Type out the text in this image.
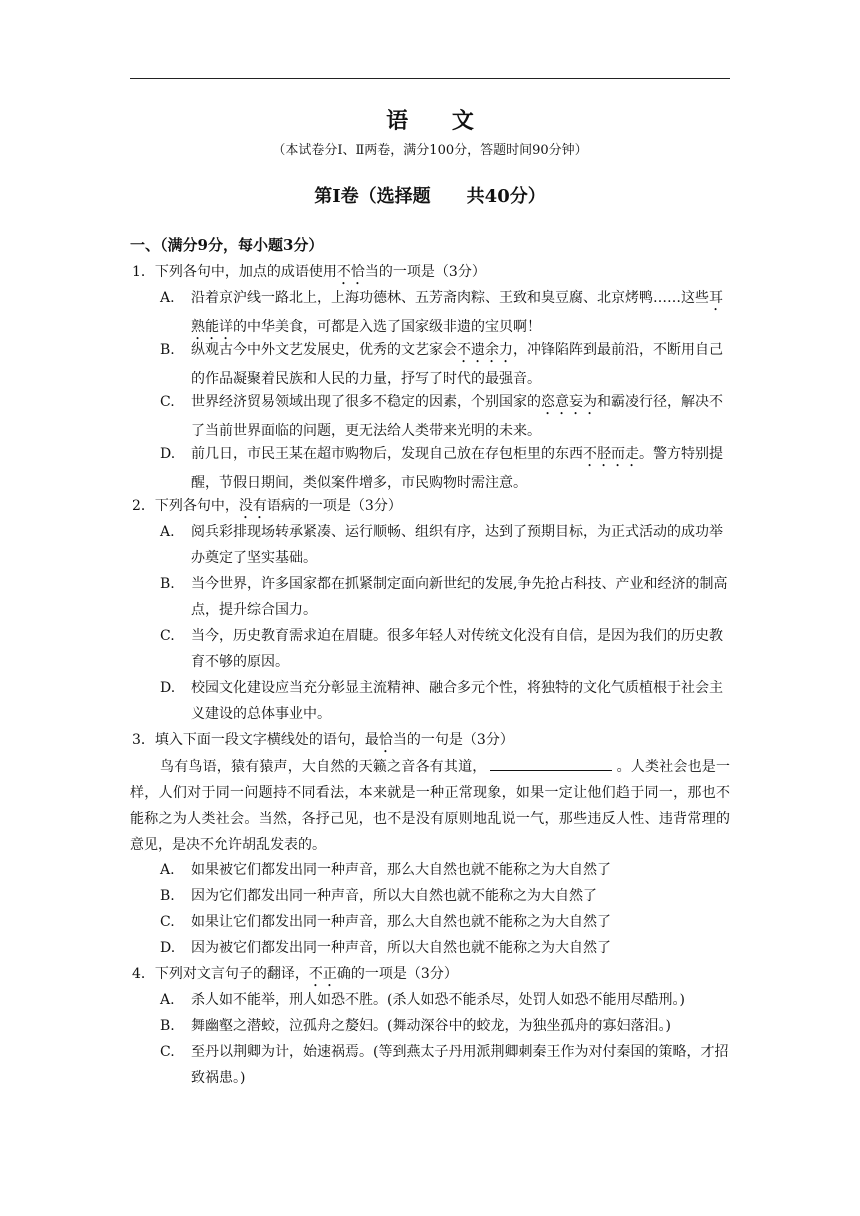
语 文
（本试卷分Ⅰ、Ⅱ两卷，满分100分，答题时间90分钟）
第Ⅰ卷（选择题　　共40分）
一、（满分9分，每小题3分）
1．下列各句中，加点的成语使用不恰当的一项是（3分）
A. 沿着京沪线一路北上，上海功德林、五芳斋肉粽、王致和臭豆腐、北京烤鸭……这些耳熟能详的中华美食，可都是入选了国家级非遗的宝贝啊！
B. 纵观古今中外文艺发展史，优秀的文艺家会不遗余力，冲锋陷阵到最前沿，不断用自己的作品凝聚着民族和人民的力量，抒写了时代的最强音。
C. 世界经济贸易领域出现了很多不稳定的因素，个别国家的恣意妄为和霸凌行径，解决不了当前世界面临的问题，更无法给人类带来光明的未来。
D. 前几日，市民王某在超市购物后，发现自己放在存包柜里的东西不胫而走。警方特别提醒，节假日期间，类似案件增多，市民购物时需注意。
2．下列各句中，没有语病的一项是（3分）
A. 阅兵彩排现场转承紧凑、运行顺畅、组织有序，达到了预期目标，为正式活动的成功举办奠定了坚实基础。
B. 当今世界，许多国家都在抓紧制定面向新世纪的发展,争先抢占科技、产业和经济的制高点，提升综合国力。
C. 当今，历史教育需求迫在眉睫。很多年轻人对传统文化没有自信，是因为我们的历史教育不够的原因。
D. 校园文化建设应当充分彰显主流精神、融合多元个性，将独特的文化气质植根于社会主义建设的总体事业中。
3．填入下面一段文字横线处的语句，最恰当的一句是（3分）
鸟有鸟语，猿有猿声，大自然的天籁之音各有其道，	。人类社会也是一样，人们对于同一问题持不同看法，本来就是一种正常现象，如果一定让他们趋于同一，那也不能称之为人类社会。当然，各抒己见，也不是没有原则地乱说一气，那些违反人性、违背常理的意见，是决不允许胡乱发表的。
A. 如果被它们都发出同一种声音，那么大自然也就不能称之为大自然了
B. 因为它们都发出同一种声音，所以大自然也就不能称之为大自然了
C. 如果让它们都发出同一种声音，那么大自然也就不能称之为大自然了
D. 因为被它们都发出同一种声音，所以大自然也就不能称之为大自然了
4．下列对文言句子的翻译，不正确的一项是（3分）
A. 杀人如不能举，刑人如恐不胜。(杀人如恐不能杀尽，处罚人如恐不能用尽酷刑。)
B. 舞幽壑之潜蛟，泣孤舟之嫠妇。(舞动深谷中的蛟龙，为独坐孤舟的寡妇落泪。)
C. 至丹以荆卿为计，始速祸焉。(等到燕太子丹用派荆卿刺秦王作为对付秦国的策略，才招致祸患。)
